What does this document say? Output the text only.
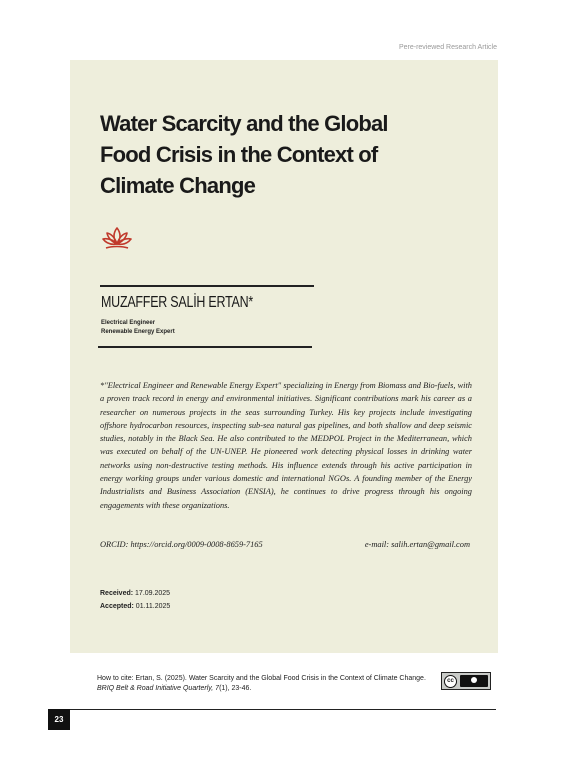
Pere-reviewed Research Article
Water Scarcity and the Global Food Crisis in the Context of Climate Change
MUZAFFER SALİH ERTAN*
Electrical Engineer
Renewable Energy Expert

*"Electrical Engineer and Renewable Energy Expert" specializing in Energy from Biomass and Bio-fuels, with a proven track record in energy and environmental initiatives. Significant contributions mark his career as a researcher on numerous projects in the seas surrounding Turkey. His key projects include investigating offshore hydrocarbon resources, inspecting sub-sea natural gas pipelines, and both shallow and deep seismic studies, notably in the Black Sea. He also contributed to the MEDPOL Project in the Mediterranean, which was executed on behalf of the UN-UNEP. He pioneered work detecting physical losses in drinking water networks using non-destructive testing methods. His influence extends through his active participation in energy working groups under various domestic and international NGOs. A founding member of the Energy Industrialists and Business Association (ENSIA), he continues to drive progress through his ongoing engagements with these organizations.

ORCID: https://orcid.org/0009-0008-8659-7165	e-mail: salih.ertan@gmail.com
Received: 17.09.2025
Accepted: 01.11.2025
How to cite: Ertan, S. (2025). Water Scarcity and the Global Food Crisis in the Context of Climate Change. BRIQ Belt & Road Initiative Quarterly, 7(1), 23-46.
cc
23
